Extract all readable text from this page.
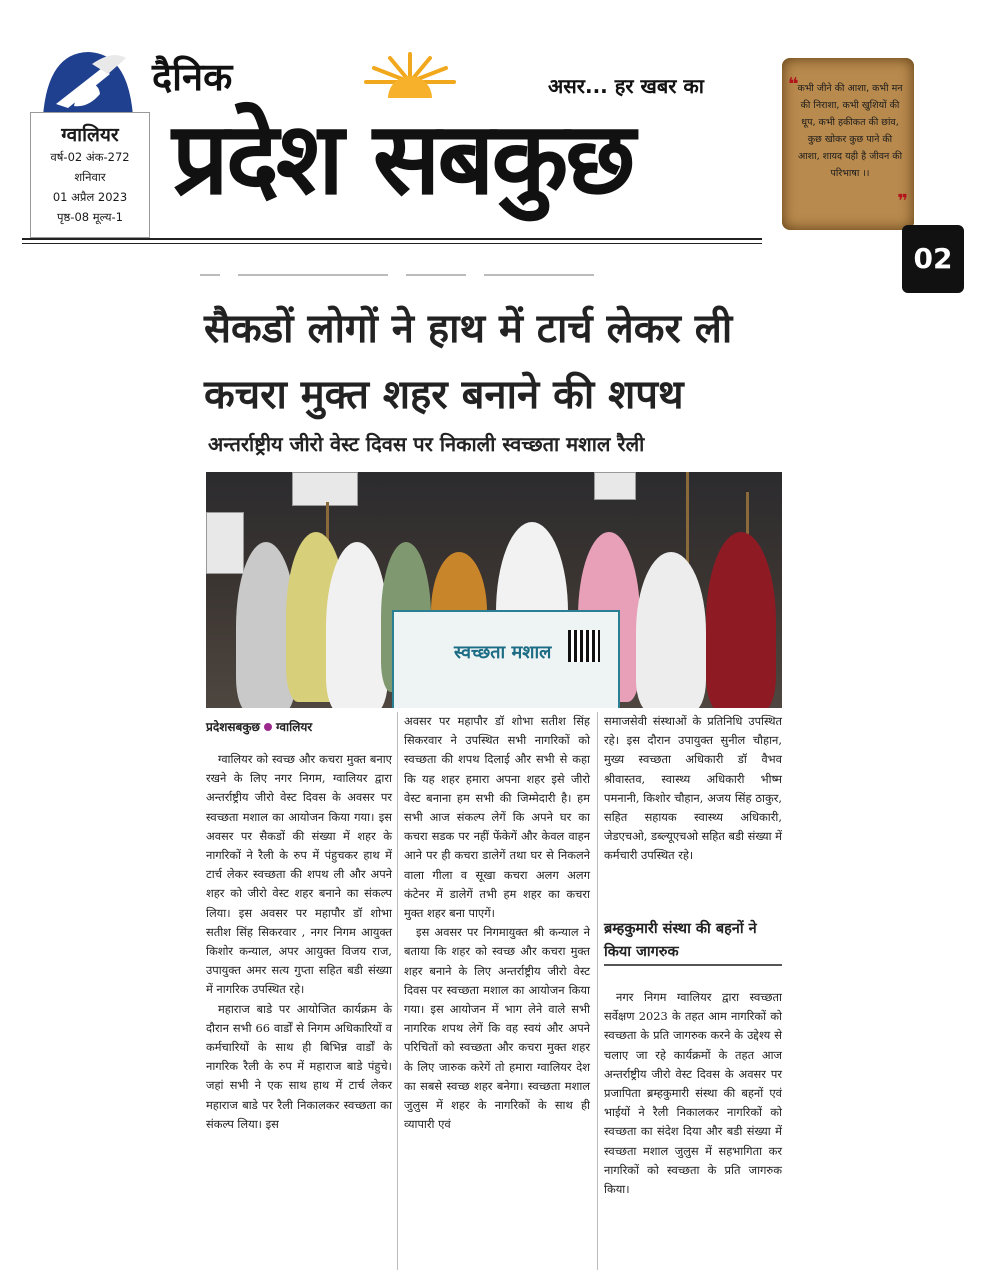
ग्वालियर
वर्ष-02 अंक-272
शनिवार
01 अप्रैल 2023
पृष्ठ-08 मूल्य-1
दैनिक
प्रदेश सबकुछ
असर... हर खबर का	❝
कभी जीने की आशा, कभी मन की निराशा, कभी खुशियों की धूप, कभी हकीकत की छांव, कुछ खोकर कुछ पाने की आशा, शायद यही है जीवन की परिभाषा ।।
❞
02
सैकडों लोगों ने हाथ में टार्च लेकर ली
कचरा मुक्त शहर बनाने की शपथ
अन्तर्राष्ट्रीय जीरो वेस्ट दिवस पर निकाली स्वच्छता मशाल रैली
स्वच्छता मशाल
प्रदेशसबकुछ ग्वालियर

ग्वालियर को स्वच्छ और कचरा मुक्त बनाए रखने के लिए नगर निगम, ग्वालियर द्वारा अन्तर्राष्ट्रीय जीरो वेस्ट दिवस के अवसर पर स्वच्छता मशाल का आयोजन किया गया। इस अवसर पर सैकडों की संख्या में शहर के नागरिकों ने रैली के रुप में पंहुचकर हाथ में टार्च लेकर स्वच्छता की शपथ ली और अपने शहर को जीरो वेस्ट शहर बनाने का संकल्प लिया। इस अवसर पर महापौर डॉ शोभा सतीश सिंह सिकरवार , नगर निगम आयुक्त किशोर कन्याल, अपर आयुक्त विजय राज, उपायुक्त अमर सत्य गुप्ता सहित बडी संख्या में नागरिक उपस्थित रहे।

महाराज बाडे पर आयोजित कार्यक्रम के दौरान सभी 66 वार्डों से निगम अधिकारियों व कर्मचारियों के साथ ही बिभिन्न वार्डों के नागरिक रैली के रुप में महाराज बाडे पंहुचे। जहां सभी ने एक साथ हाथ में टार्च लेकर महाराज बाडे पर रैली निकालकर स्वच्छता का संकल्प लिया। इस

अवसर पर महापौर डॉ शोभा सतीश सिंह सिकरवार ने उपस्थित सभी नागरिकों को स्वच्छता की शपथ दिलाई और सभी से कहा कि यह शहर हमारा अपना शहर इसे जीरो वेस्ट बनाना हम सभी की जिम्मेदारी है। हम सभी आज संकल्प लेगें कि अपने घर का कचरा सडक पर नहीं फेंकेगें और केवल वाहन आने पर ही कचरा डालेगें तथा घर से निकलने वाला गीला व सूखा कचरा अलग अलग कंटेनर में डालेगें तभी हम शहर का कचरा मुक्त शहर बना पाएगें।

इस अवसर पर निगमायुक्त श्री कन्याल ने बताया कि शहर को स्वच्छ और कचरा मुक्त शहर बनाने के लिए अन्तर्राष्ट्रीय जीरो वेस्ट दिवस पर स्वच्छता मशाल का आयोजन किया गया। इस आयोजन में भाग लेने वाले सभी नागरिक शपथ लेगें कि वह स्वयं और अपने परिचितों को स्वच्छता और कचरा मुक्त शहर के लिए जारुक करेगें तो हमारा ग्वालियर देश का सबसे स्वच्छ शहर बनेगा। स्वच्छता मशाल जुलुस में शहर के नागरिकों के साथ ही व्यापारी एवं

समाजसेवी संस्थाओं के प्रतिनिधि उपस्थित रहे। इस दौरान उपायुक्त सुनील चौहान, मुख्य स्वच्छता अधिकारी डॉ वैभव श्रीवास्तव, स्वास्थ्य अधिकारी भीष्म पमनानी, किशोर चौहान, अजय सिंह ठाकुर, सहित सहायक स्वास्थ्य अधिकारी, जेडएचओ, डब्ल्यूएचओ सहित बडी संख्या में कर्मचारी उपस्थित रहे।

ब्रम्हकुमारी संस्था की बहनों ने किया जागरुक

नगर निगम ग्वालियर द्वारा स्वच्छता सर्वेक्षण 2023 के तहत आम नागरिकों को स्वच्छता के प्रति जागरुक करने के उद्देश्य से चलाए जा रहे कार्यक्रमों के तहत आज अन्तर्राष्ट्रीय जीरो वेस्ट दिवस के अवसर पर प्रजापिता ब्रम्हकुमारी संस्था की बहनों एवं भाईयों ने रैली निकालकर नागरिकों को स्वच्छता का संदेश दिया और बडी संख्या में स्वच्छता मशाल जुलुस में सहभागिता कर नागरिकों को स्वच्छता के प्रति जागरुक किया।
